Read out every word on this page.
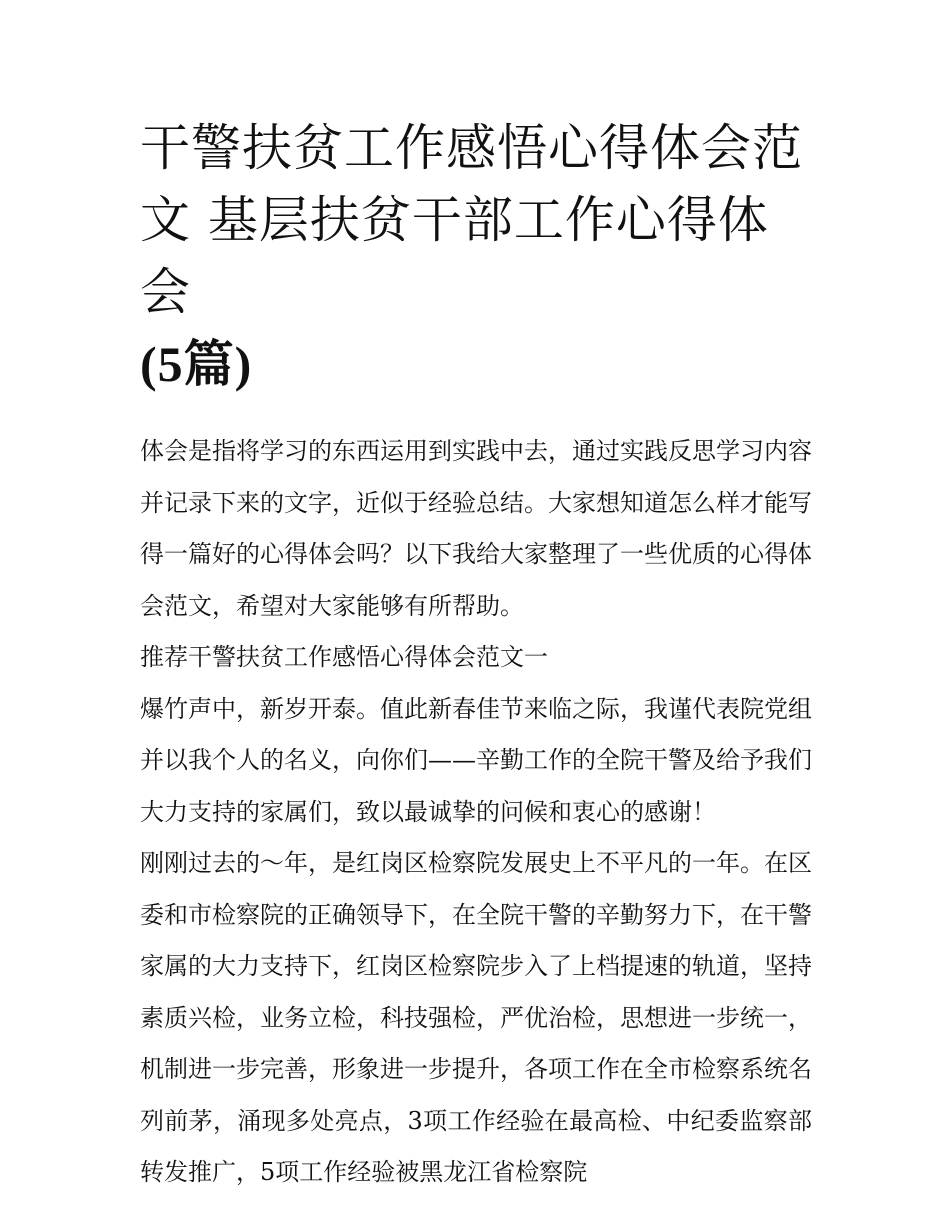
干警扶贫工作感悟心得体会范文 基层扶贫干部工作心得体会
(5篇)

体会是指将学习的东西运用到实践中去，通过实践反思学习内容并记录下来的文字，近似于经验总结。大家想知道怎么样才能写得一篇好的心得体会吗？以下我给大家整理了一些优质的心得体会范文，希望对大家能够有所帮助。

推荐干警扶贫工作感悟心得体会范文一

爆竹声中，新岁开泰。值此新春佳节来临之际，我谨代表院党组并以我个人的名义，向你们——辛勤工作的全院干警及给予我们大力支持的家属们，致以最诚挚的问候和衷心的感谢！

刚刚过去的～年，是红岗区检察院发展史上不平凡的一年。在区委和市检察院的正确领导下，在全院干警的辛勤努力下，在干警家属的大力支持下，红岗区检察院步入了上档提速的轨道，坚持素质兴检，业务立检，科技强检，严优治检，思想进一步统一，机制进一步完善，形象进一步提升，各项工作在全市检察系统名列前茅，涌现多处亮点，3项工作经验在最高检、中纪委监察部转发推广，5项工作经验被黑龙江省检察院
